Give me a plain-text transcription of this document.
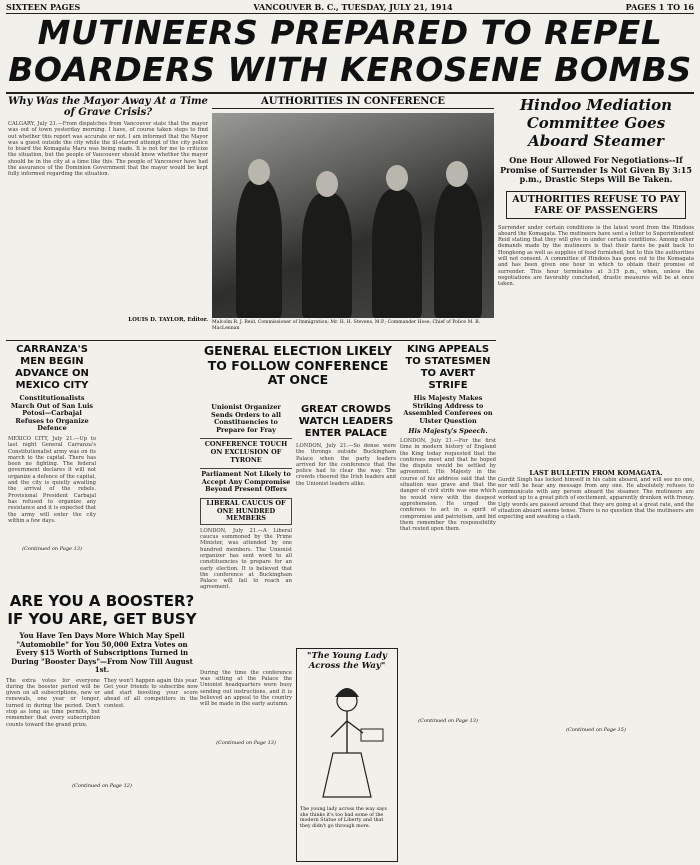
SIXTEEN PAGES	VANCOUVER B. C., TUESDAY, JULY 21, 1914	PAGES 1 TO 16
MUTINEERS PREPARED TO REPEL
BOARDERS WITH KEROSENE BOMBS
Why Was the Mayor Away At a Time of Grave Crisis?
CALGARY, July 21.—From dispatches from Vancouver state that the mayor was out of town yesterday morning. I have, of course taken steps to find out whether this report was accurate or not. I am informed that the Mayor was a guest outside the city while the ill-starred attempt of the city police to board the Komagata Maru was being made. It is not for me to criticize the situation, but the people of Vancouver should know whether the mayor should be in the city at a time like this. The people of Vancouver have had the assurance of the Dominion Government that the mayor would be kept fully informed regarding the situation.
LOUIS D. TAYLOR, Editor.
AUTHORITIES IN CONFERENCE
Malcolm R. J. Reid, Commissioner of Immigration; Mr. H. H. Stevens, M.P.; Commander Hose; Chief of Police M. B. MacLennan
Hindoo Mediation Committee Goes Aboard Steamer
One Hour Allowed For Negotiations--If Promise of Surrender Is Not Given By 3:15 p.m., Drastic Steps Will Be Taken.
AUTHORITIES REFUSE TO PAY FARE OF PASSENGERS
Surrender under certain conditions is the latest word from the Hindoos aboard the Komagata. The mutineers have sent a letter to Superintendent Reid stating that they will give in under certain conditions. Among other demands made by the mutineers is that their fares be paid back to Hongkong as well as supplies of food furnished, but to this the authorities will not consent. A committee of Hindoos has gone out to the Komagata and has been given one hour in which to obtain their promise of surrender. This hour terminates at 3:15 p.m., when, unless the negotiations are favorably concluded, drastic measures will be at once taken.
LAST BULLETIN FROM KOMAGATA.
Gurdit Singh has locked himself in his cabin aboard, and will see no one, nor will he hear any message from any one. He absolutely refuses to communicate with any person aboard the steamer. The mutineers are worked up to a great pitch of excitement, apparently drunken with frenzy. Ugly words are passed around that they are going at a great rate, and the situation aboard seems tense. There is no question that the mutineers are expecting and awaiting a clash.
(Continued on Page 15)
CARRANZA'S MEN BEGIN ADVANCE ON MEXICO CITY
Constitutionalists March Out of San Luis Potosi—Carbajal Refuses to Organize Defence
MEXICO CITY, July 21.—Up to last night General Carranza's Constitutionalist army was on its march to the capital. There has been no fighting. The federal government declares it will not organize a defence of the capital, and the city is quietly awaiting the arrival of the rebels. Provisional President Carbajal has refused to organize any resistance and it is expected that the army will enter the city within a few days.
(Continued on Page 13)
GENERAL ELECTION LIKELY TO FOLLOW CONFERENCE AT ONCE
Unionist Organizer Sends Orders to all Constituencies to Prepare for Fray
CONFERENCE TOUCH ON EXCLUSION OF TYRONE
Parliament Not Likely to Accept Any Compromise Beyond Present Offers
LIBERAL CAUCUS OF ONE HUNDRED MEMBERS
LONDON, July 21.—A Liberal caucus summoned by the Prime Minister, was attended by one hundred members. The Unionist organizer has sent word to all constituencies to prepare for an early election. It is believed that the conference at Buckingham Palace will fail to reach an agreement.
During the time the conference was sitting at the Palace the Unionist headquarters were busy sending out instructions, and it is believed an appeal to the country will be made in the early autumn.
(Continued on Page 13)
GREAT CROWDS WATCH LEADERS ENTER PALACE
LONDON, July 21.—So dense were the throngs outside Buckingham Palace when the party leaders arrived for the conference that the police had to clear the way. The crowds cheered the Irish leaders and the Unionist leaders alike.
KING APPEALS TO STATESMEN TO AVERT STRIFE
His Majesty Makes Striking Address to Assembled Conferees on Ulster Question
His Majesty's Speech.
LONDON, July 21.—For the first time in modern history of England the King today requested that the conferees meet and that he hoped the dispute would be settled by agreement. His Majesty in the course of his address said that the situation was grave and that the danger of civil strife was one which he would view with the deepest apprehension. He urged the conferees to act in a spirit of compromise and patriotism, and bid them remember the responsibility that rested upon them.
(Continued on Page 13)
ARE YOU A BOOSTER? IF YOU ARE, GET BUSY
You Have Ten Days More Which May Spell "Automobile" for You 50,000 Extra Votes on Every $15 Worth of Subscriptions Turned in During "Booster Days"—From Now Till August 1st.
The extra votes for everyone during the booster period will be given on all subscriptions, new or renewals, one year or longer, turned in during the period. Don't stop as long as time permits, but remember that every subscription counts toward the grand prize.
They won't happen again this year. Get your friends to subscribe now and start boosting your score ahead of all competitors in the contest.
(Continued on Page 12)
"The Young Lady Across the Way"
The young lady across the way says she thinks it's too bad some of the modern Statue of Liberty and that they didn't go through more.
